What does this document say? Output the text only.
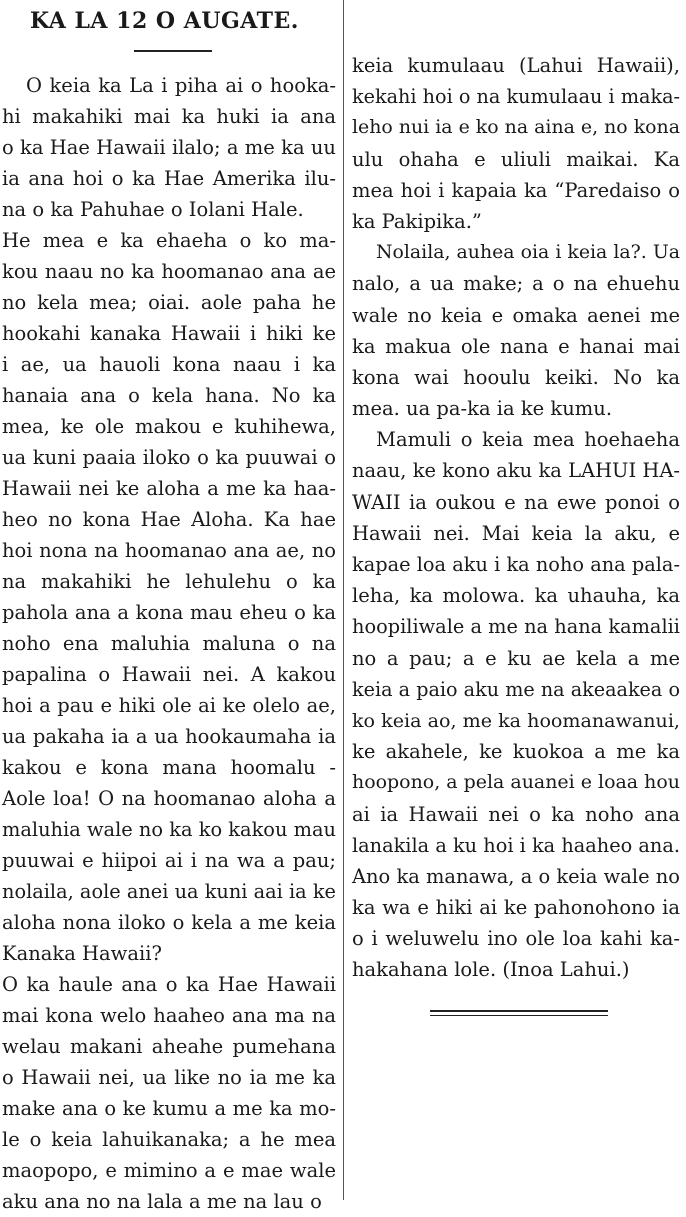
KA LA 12 O AUGATE.
O keia ka La i piha ai o hooka-
hi makahiki mai ka huki ia ana
o ka Hae Hawaii ilalo; a me ka uu
ia ana hoi o ka Hae Amerika ilu-
na o ka Pahuhae o Iolani Hale.
He mea e ka ehaeha o ko ma-
kou naau no ka hoomanao ana ae
no kela mea; oiai. aole paha he
hookahi kanaka Hawaii i hiki ke
i ae, ua hauoli kona naau i ka
hanaia ana o kela hana. No ka
mea, ke ole makou e kuhihewa,
ua kuni paaia iloko o ka puuwai o
Hawaii nei ke aloha a me ka haa-
heo no kona Hae Aloha. Ka hae
hoi nona na hoomanao ana ae, no
na makahiki he lehulehu o ka
pahola ana a kona mau eheu o ka
noho ena maluhia maluna o na
papalina o Hawaii nei. A kakou
hoi a pau e hiki ole ai ke olelo ae,
ua pakaha ia a ua hookaumaha ia
kakou e kona mana hoomalu -
Aole loa! O na hoomanao aloha a
maluhia wale no ka ko kakou mau
puuwai e hiipoi ai i na wa a pau;
nolaila, aole anei ua kuni aai ia ke
aloha nona iloko o kela a me keia
Kanaka Hawaii?
O ka haule ana o ka Hae Hawaii
mai kona welo haaheo ana ma na
welau makani aheahe pumehana
o Hawaii nei, ua like no ia me ka
make ana o ke kumu a me ka mo-
le o keia lahuikanaka; a he mea
maopopo, e mimino a e mae wale
aku ana no na lala a me na lau o
keia kumulaau (Lahui Hawaii),
kekahi hoi o na kumulaau i maka-
leho nui ia e ko na aina e, no kona
ulu ohaha e uliuli maikai. Ka
mea hoi i kapaia ka “Paredaiso o
ka Pakipika.”
Nolaila, auhea oia i keia la?. Ua
nalo, a ua make; a o na ehuehu
wale no keia e omaka aenei me
ka makua ole nana e hanai mai
kona wai hooulu keiki. No ka
mea. ua pa-ka ia ke kumu.
Mamuli o keia mea hoehaeha
naau, ke kono aku ka LAHUI HA-
WAII ia oukou e na ewe ponoi o
Hawaii nei. Mai keia la aku, e
kapae loa aku i ka noho ana pala-
leha, ka molowa. ka uhauha, ka
hoopiliwale a me na hana kamalii
no a pau; a e ku ae kela a me
keia a paio aku me na akeaakea o
ko keia ao, me ka hoomanawanui,
ke akahele, ke kuokoa a me ka
hoopono, a pela auanei e loaa hou
ai ia Hawaii nei o ka noho ana
lanakila a ku hoi i ka haaheo ana.
Ano ka manawa, a o keia wale no
ka wa e hiki ai ke pahonohono ia
o i weluwelu ino ole loa kahi ka-
hakahana lole. (Inoa Lahui.)
